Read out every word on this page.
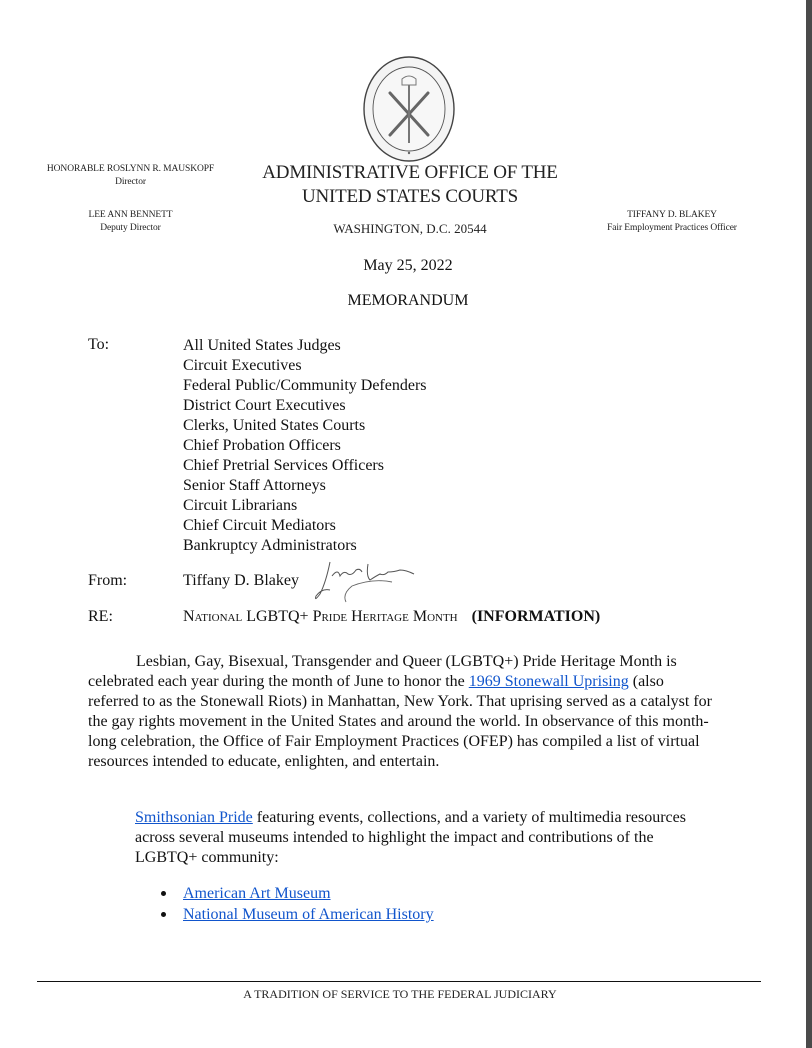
HONORABLE ROSLYNN R. MAUSKOPF
Director
LEE ANN BENNETT
Deputy Director
ADMINISTRATIVE OFFICE OF THE
UNITED STATES COURTS
WASHINGTON, D.C. 20544
TIFFANY D. BLAKEY
Fair Employment Practices Officer
May 25, 2022
MEMORANDUM
To:	All United States Judges
Circuit Executives
Federal Public/Community Defenders
District Court Executives
Clerks, United States Courts
Chief Probation Officers
Chief Pretrial Services Officers
Senior Staff Attorneys
Circuit Librarians
Chief Circuit Mediators
Bankruptcy Administrators
From:	Tiffany D. Blakey
RE:	National LGBTQ+ Pride Heritage Month (INFORMATION)
Lesbian, Gay, Bisexual, Transgender and Queer (LGBTQ+) Pride Heritage Month is celebrated each year during the month of June to honor the 1969 Stonewall Uprising (also referred to as the Stonewall Riots) in Manhattan, New York. That uprising served as a catalyst for the gay rights movement in the United States and around the world. In observance of this month-long celebration, the Office of Fair Employment Practices (OFEP) has compiled a list of virtual resources intended to educate, enlighten, and entertain.
Smithsonian Pride featuring events, collections, and a variety of multimedia resources across several museums intended to highlight the impact and contributions of the LGBTQ+ community:
American Art Museum
National Museum of American History
A TRADITION OF SERVICE TO THE FEDERAL JUDICIARY
